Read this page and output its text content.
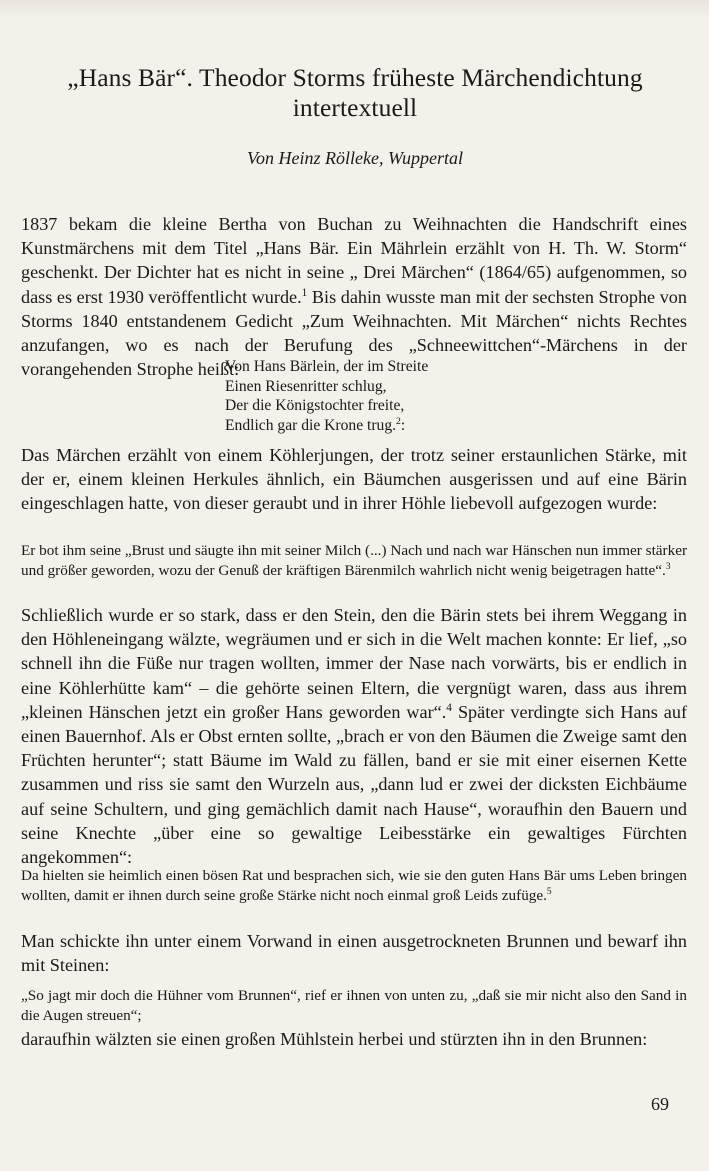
„Hans Bär“. Theodor Storms früheste Märchendichtung intertextuell
Von Heinz Rölleke, Wuppertal

1837 bekam die kleine Bertha von Buchan zu Weihnachten die Handschrift eines Kunstmärchens mit dem Titel „Hans Bär. Ein Mährlein erzählt von H. Th. W. Storm“ geschenkt. Der Dichter hat es nicht in seine „ Drei Märchen“ (1864/65) aufgenommen, so dass es erst 1930 veröffentlicht wurde.$^1$ Bis dahin wusste man mit der sechsten Strophe von Storms 1840 entstandenem Gedicht „Zum Weihnachten. Mit Märchen“ nichts Rechtes anzufangen, wo es nach der Berufung des „Schneewittchen“-Märchens in der vorangehenden Strophe heißt:

Von Hans Bärlein, der im Streite
Einen Riesenritter schlug,
Der die Königstochter freite,
Endlich gar die Krone trug.$^2$:

Das Märchen erzählt von einem Köhlerjungen, der trotz seiner erstaunlichen Stärke, mit der er, einem kleinen Herkules ähnlich, ein Bäumchen ausgerissen und auf eine Bärin eingeschlagen hatte, von dieser geraubt und in ihrer Höhle liebevoll aufgezogen wurde:

Er bot ihm seine „Brust und säugte ihn mit seiner Milch (...) Nach und nach war Hänschen nun immer stärker und größer geworden, wozu der Genuß der kräftigen Bärenmilch wahrlich nicht wenig beigetragen hatte“.$^3$

Schließlich wurde er so stark, dass er den Stein, den die Bärin stets bei ihrem Weggang in den Höhleneingang wälzte, wegräumen und er sich in die Welt machen konnte: Er lief, „so schnell ihn die Füße nur tragen wollten, immer der Nase nach vorwärts, bis er endlich in eine Köhlerhütte kam“ – die gehörte seinen Eltern, die vergnügt waren, dass aus ihrem „kleinen Hänschen jetzt ein großer Hans geworden war“.$^4$ Später verdingte sich Hans auf einen Bauernhof. Als er Obst ernten sollte, „brach er von den Bäumen die Zweige samt den Früchten herunter“; statt Bäume im Wald zu fällen, band er sie mit einer eisernen Kette zusammen und riss sie samt den Wurzeln aus, „dann lud er zwei der dicksten Eichbäume auf seine Schultern, und ging gemächlich damit nach Hause“, woraufhin den Bauern und seine Knechte „über eine so gewaltige Leibesstärke ein gewaltiges Fürchten angekommen“:

Da hielten sie heimlich einen bösen Rat und besprachen sich, wie sie den guten Hans Bär ums Leben bringen wollten, damit er ihnen durch seine große Stärke nicht noch einmal groß Leids zufüge.$^5$

Man schickte ihn unter einem Vorwand in einen ausgetrockneten Brunnen und bewarf ihn mit Steinen:

„So jagt mir doch die Hühner vom Brunnen“, rief er ihnen von unten zu, „daß sie mir nicht also den Sand in die Augen streuen“;

daraufhin wälzten sie einen großen Mühlstein herbei und stürzten ihn in den Brunnen:

69
